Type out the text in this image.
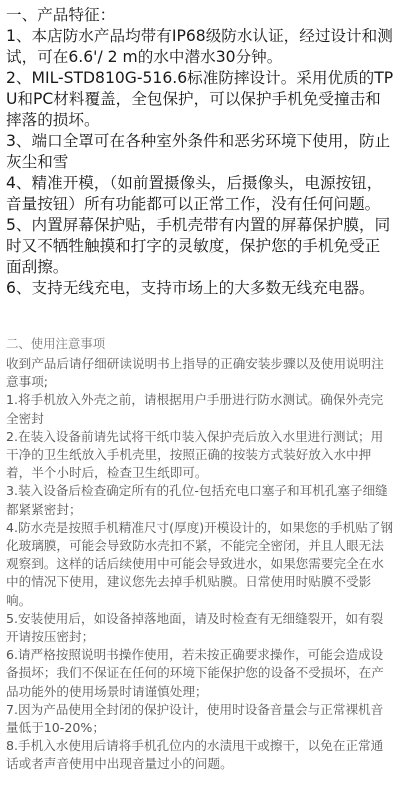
一、产品特征：

1、本店防水产品均带有IP68级防水认证，经过设计和测试，可在6.6'/ 2 m的水中潜水30分钟。

2、MIL-STD810G-516.6标准防摔设计。采用优质的TPU和PC材料覆盖，全包保护，可以保护手机免受撞击和摔落的损坏。

3、端口全罩可在各种室外条件和恶劣环境下使用，防止灰尘和雪

4、精准开模，（如前置摄像头，后摄像头，电源按钮，音量按钮）所有功能都可以正常工作，没有任何问题。

5、内置屏幕保护贴，手机壳带有内置的屏幕保护膜，同时又不牺牲触摸和打字的灵敏度，保护您的手机免受正面刮擦。

6、支持无线充电，支持市场上的大多数无线充电器。

二、使用注意事项

收到产品后请仔细研读说明书上指导的正确安装步骤以及使用说明注意事项;

1.将手机放入外壳之前，请根据用户手册进行防水测试。确保外壳完全密封

2.在装入设备前请先试将干纸巾装入保护壳后放入水里进行测试；用干净的卫生纸放入手机壳里，按照正确的按装方式装好放入水中押着，半个小时后，检查卫生纸即可。

3.装入设备后检查确定所有的孔位-包括充电口塞子和耳机孔塞子细缝都紧紧密封；

4.防水壳是按照手机精准尺寸(厚度)开模设计的，如果您的手机贴了钢化玻璃膜，可能会导致防水壳扣不紧，不能完全密闭，并且人眼无法观察到。这样的话后续使用中可能会导致进水，如果您需要完全在水中的情况下使用，建议您先去掉手机贴膜。日常使用时贴膜不受影响。

5.安装使用后，如设备掉落地面，请及时检查有无细缝裂开，如有裂开请按压密封；

6.请严格按照说明书操作使用，若未按正确要求操作，可能会造成设备损坏；我们不保证在任何的环境下能保护您的设备不受损坏，在产品功能外的使用场景时请谨慎处理；

7.因为产品使用全封闭的保护设计，使用时设备音量会与正常裸机音量低于10-20%；

8.手机入水使用后请将手机孔位内的水渍甩干或擦干，以免在正常通话或者声音使用中出现音量过小的问题。
